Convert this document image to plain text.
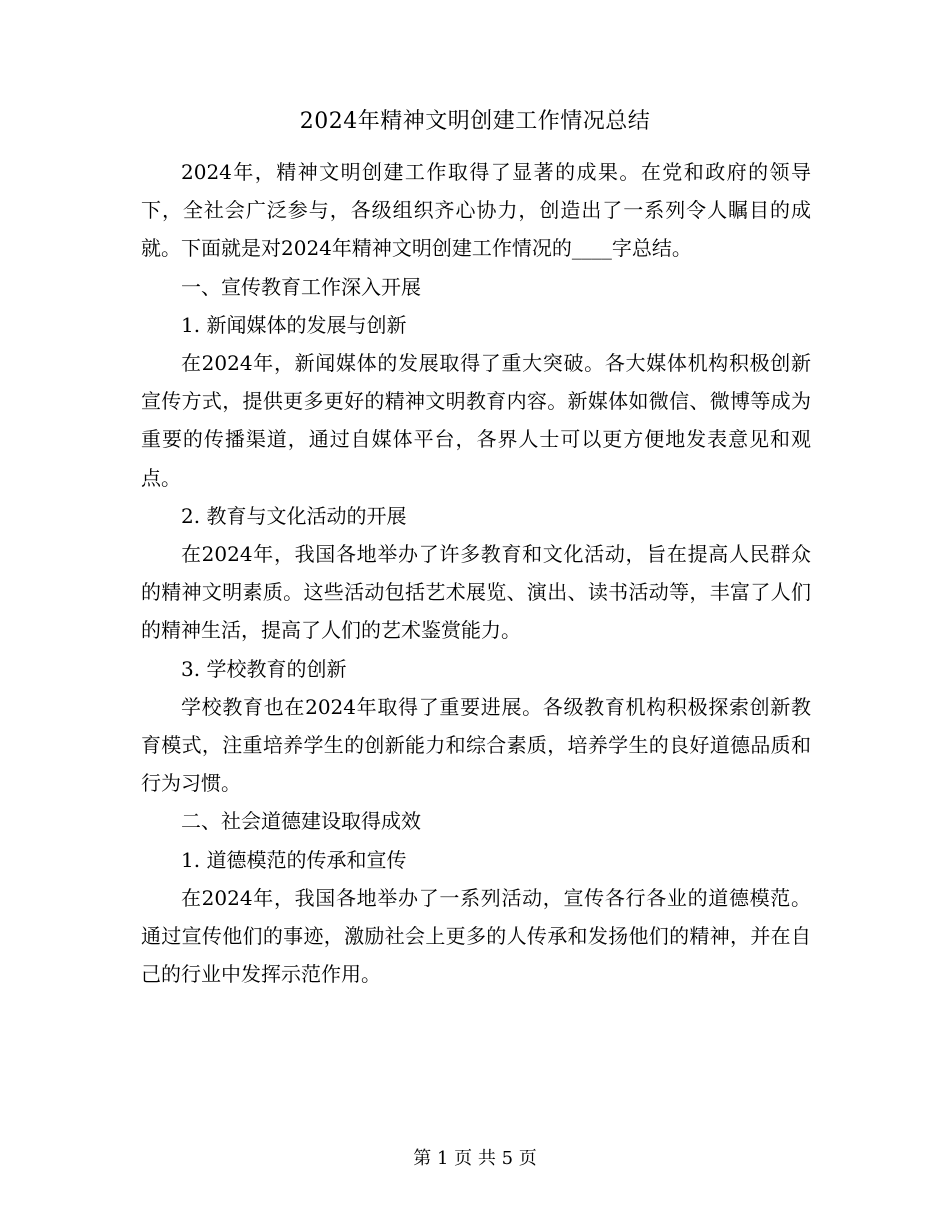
2024年精神文明创建工作情况总结

2024年，精神文明创建工作取得了显著的成果。在党和政府的领导下，全社会广泛参与，各级组织齐心协力，创造出了一系列令人瞩目的成就。下面就是对2024年精神文明创建工作情况的____字总结。

一、宣传教育工作深入开展

1. 新闻媒体的发展与创新

在2024年，新闻媒体的发展取得了重大突破。各大媒体机构积极创新宣传方式，提供更多更好的精神文明教育内容。新媒体如微信、微博等成为重要的传播渠道，通过自媒体平台，各界人士可以更方便地发表意见和观点。

2. 教育与文化活动的开展

在2024年，我国各地举办了许多教育和文化活动，旨在提高人民群众的精神文明素质。这些活动包括艺术展览、演出、读书活动等，丰富了人们的精神生活，提高了人们的艺术鉴赏能力。

3. 学校教育的创新

学校教育也在2024年取得了重要进展。各级教育机构积极探索创新教育模式，注重培养学生的创新能力和综合素质，培养学生的良好道德品质和行为习惯。

二、社会道德建设取得成效

1. 道德模范的传承和宣传

在2024年，我国各地举办了一系列活动，宣传各行各业的道德模范。通过宣传他们的事迹，激励社会上更多的人传承和发扬他们的精神，并在自己的行业中发挥示范作用。

第 1 页 共 5 页
